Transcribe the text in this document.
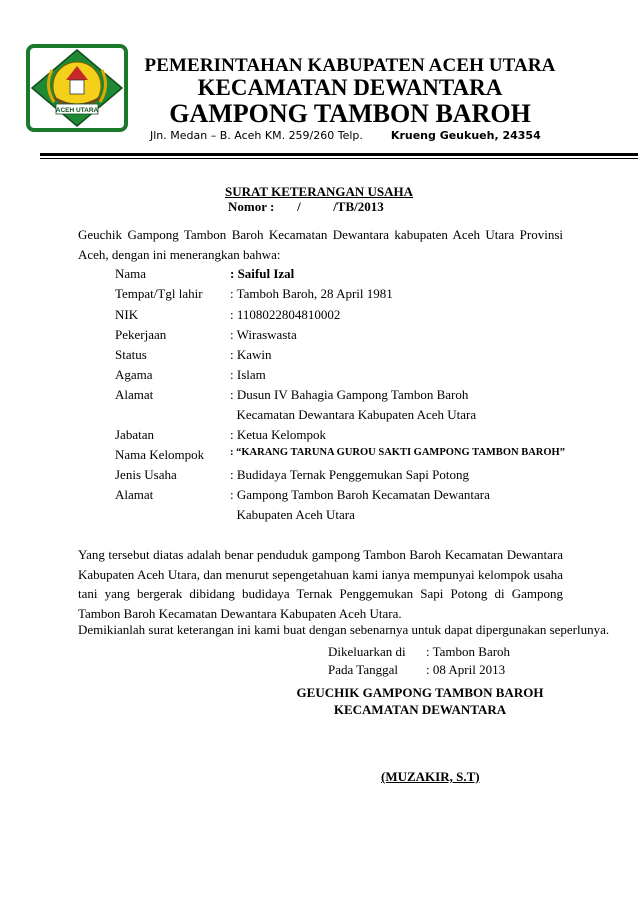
ACEH UTARA
PEMERINTAHAN KABUPATEN ACEH UTARA
KECAMATAN DEWANTARA
GAMPONG TAMBON BAROH
Jln. Medan – B. Aceh KM. 259/260 Telp.	Krueng Geukueh, 24354
SURAT KETERANGAN USAHA
Nomor :       /          /TB/2013
Geuchik Gampong Tambon Baroh Kecamatan Dewantara kabupaten Aceh Utara Provinsi Aceh, dengan ini menerangkan bahwa:
Nama	: Saiful Izal
Tempat/Tgl lahir : Tamboh Baroh, 28 April 1981
NIK	: 1108022804810002
Pekerjaan	: Wiraswasta
Status	: Kawin
Agama	: Islam
Alamat	: Dusun IV Bahagia Gampong Tambon Baroh
Kecamatan Dewantara Kabupaten Aceh Utara
Jabatan	: Ketua Kelompok
Nama Kelompok : “KARANG TARUNA GUROU SAKTI GAMPONG TAMBON BAROH”
Jenis Usaha	: Budidaya Ternak Penggemukan Sapi Potong
Alamat	: Gampong Tambon Baroh Kecamatan Dewantara
Kabupaten Aceh Utara
Yang tersebut diatas adalah benar penduduk gampong Tambon Baroh Kecamatan Dewantara Kabupaten Aceh Utara, dan menurut sepengetahuan kami ianya mempunyai kelompok usaha tani yang bergerak dibidang budidaya Ternak Penggemukan Sapi Potong di Gampong Tambon Baroh Kecamatan Dewantara Kabupaten Aceh Utara.
Demikianlah surat keterangan ini kami buat dengan sebenarnya untuk dapat dipergunakan seperlunya.
Dikeluarkan di : Tambon Baroh
Pada Tanggal : 08 April 2013
GEUCHIK GAMPONG TAMBON BAROH
KECAMATAN DEWANTARA
(MUZAKIR, S.T)
